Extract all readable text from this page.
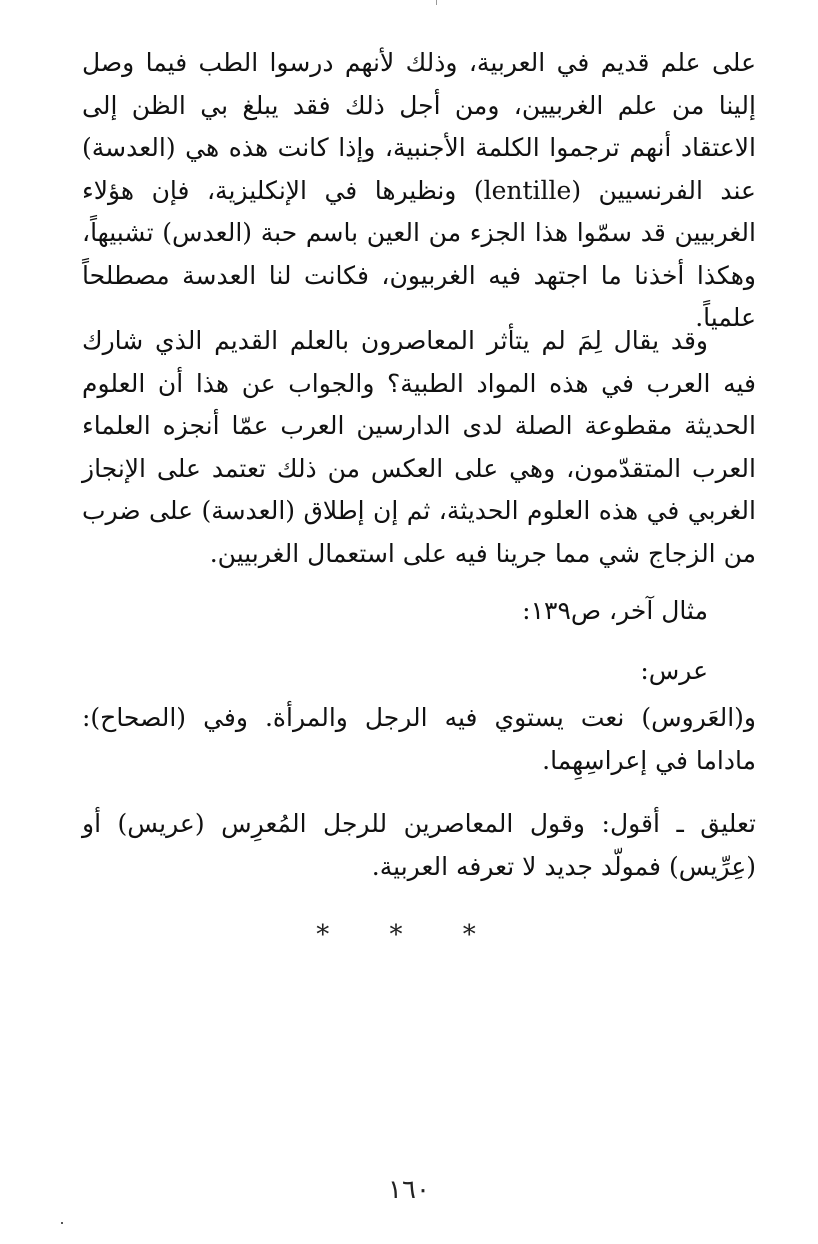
على علم قديم في العربية، وذلك لأنهم درسوا الطب فيما وصل إلينا من علم الغربيين، ومن أجل ذلك فقد يبلغ بي الظن إلى الاعتقاد أنهم ترجموا الكلمة الأجنبية، وإذا كانت هذه هي (العدسة) عند الفرنسيين (lentille) ونظيرها في الإنكليزية، فإن هؤلاء الغربيين قد سمّوا هذا الجزء من العين باسم حبة (العدس) تشبيهاً، وهكذا أخذنا ما اجتهد فيه الغربيون، فكانت لنا العدسة مصطلحاً علمياً.

وقد يقال لِمَ لم يتأثر المعاصرون بالعلم القديم الذي شارك فيه العرب في هذه المواد الطبية؟ والجواب عن هذا أن العلوم الحديثة مقطوعة الصلة لدى الدارسين العرب عمّا أنجزه العلماء العرب المتقدّمون، وهي على العكس من ذلك تعتمد على الإنجاز الغربي في هذه العلوم الحديثة، ثم إن إطلاق (العدسة) على ضرب من الزجاج شي مما جرينا فيه على استعمال الغربيين.

مثال آخر، ص١٣٩:

عرس:

و(العَروس) نعت يستوي فيه الرجل والمرأة. وفي (الصحاح): ماداما في إعراسِهِما.

تعليق ـ أقول: وقول المعاصرين للرجل المُعرِس (عريس) أو (عِرِّيس) فمولّد جديد لا تعرفه العربية.

* * *
١٦٠
